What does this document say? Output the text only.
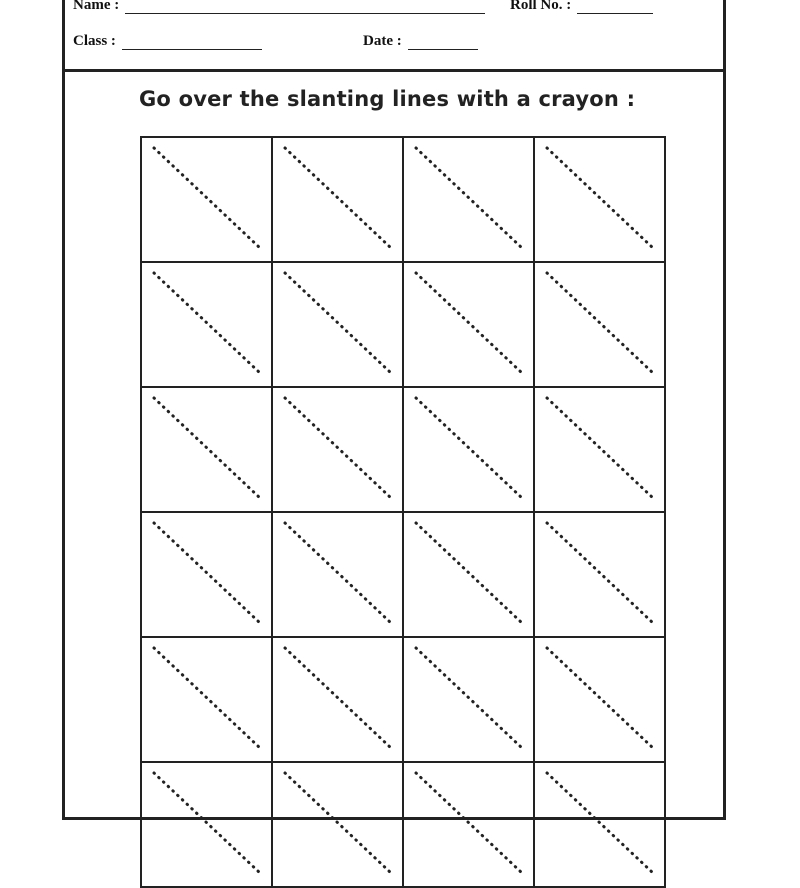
Name :	Roll No. :
Class :	Date :
Go over the slanting lines with a crayon :
